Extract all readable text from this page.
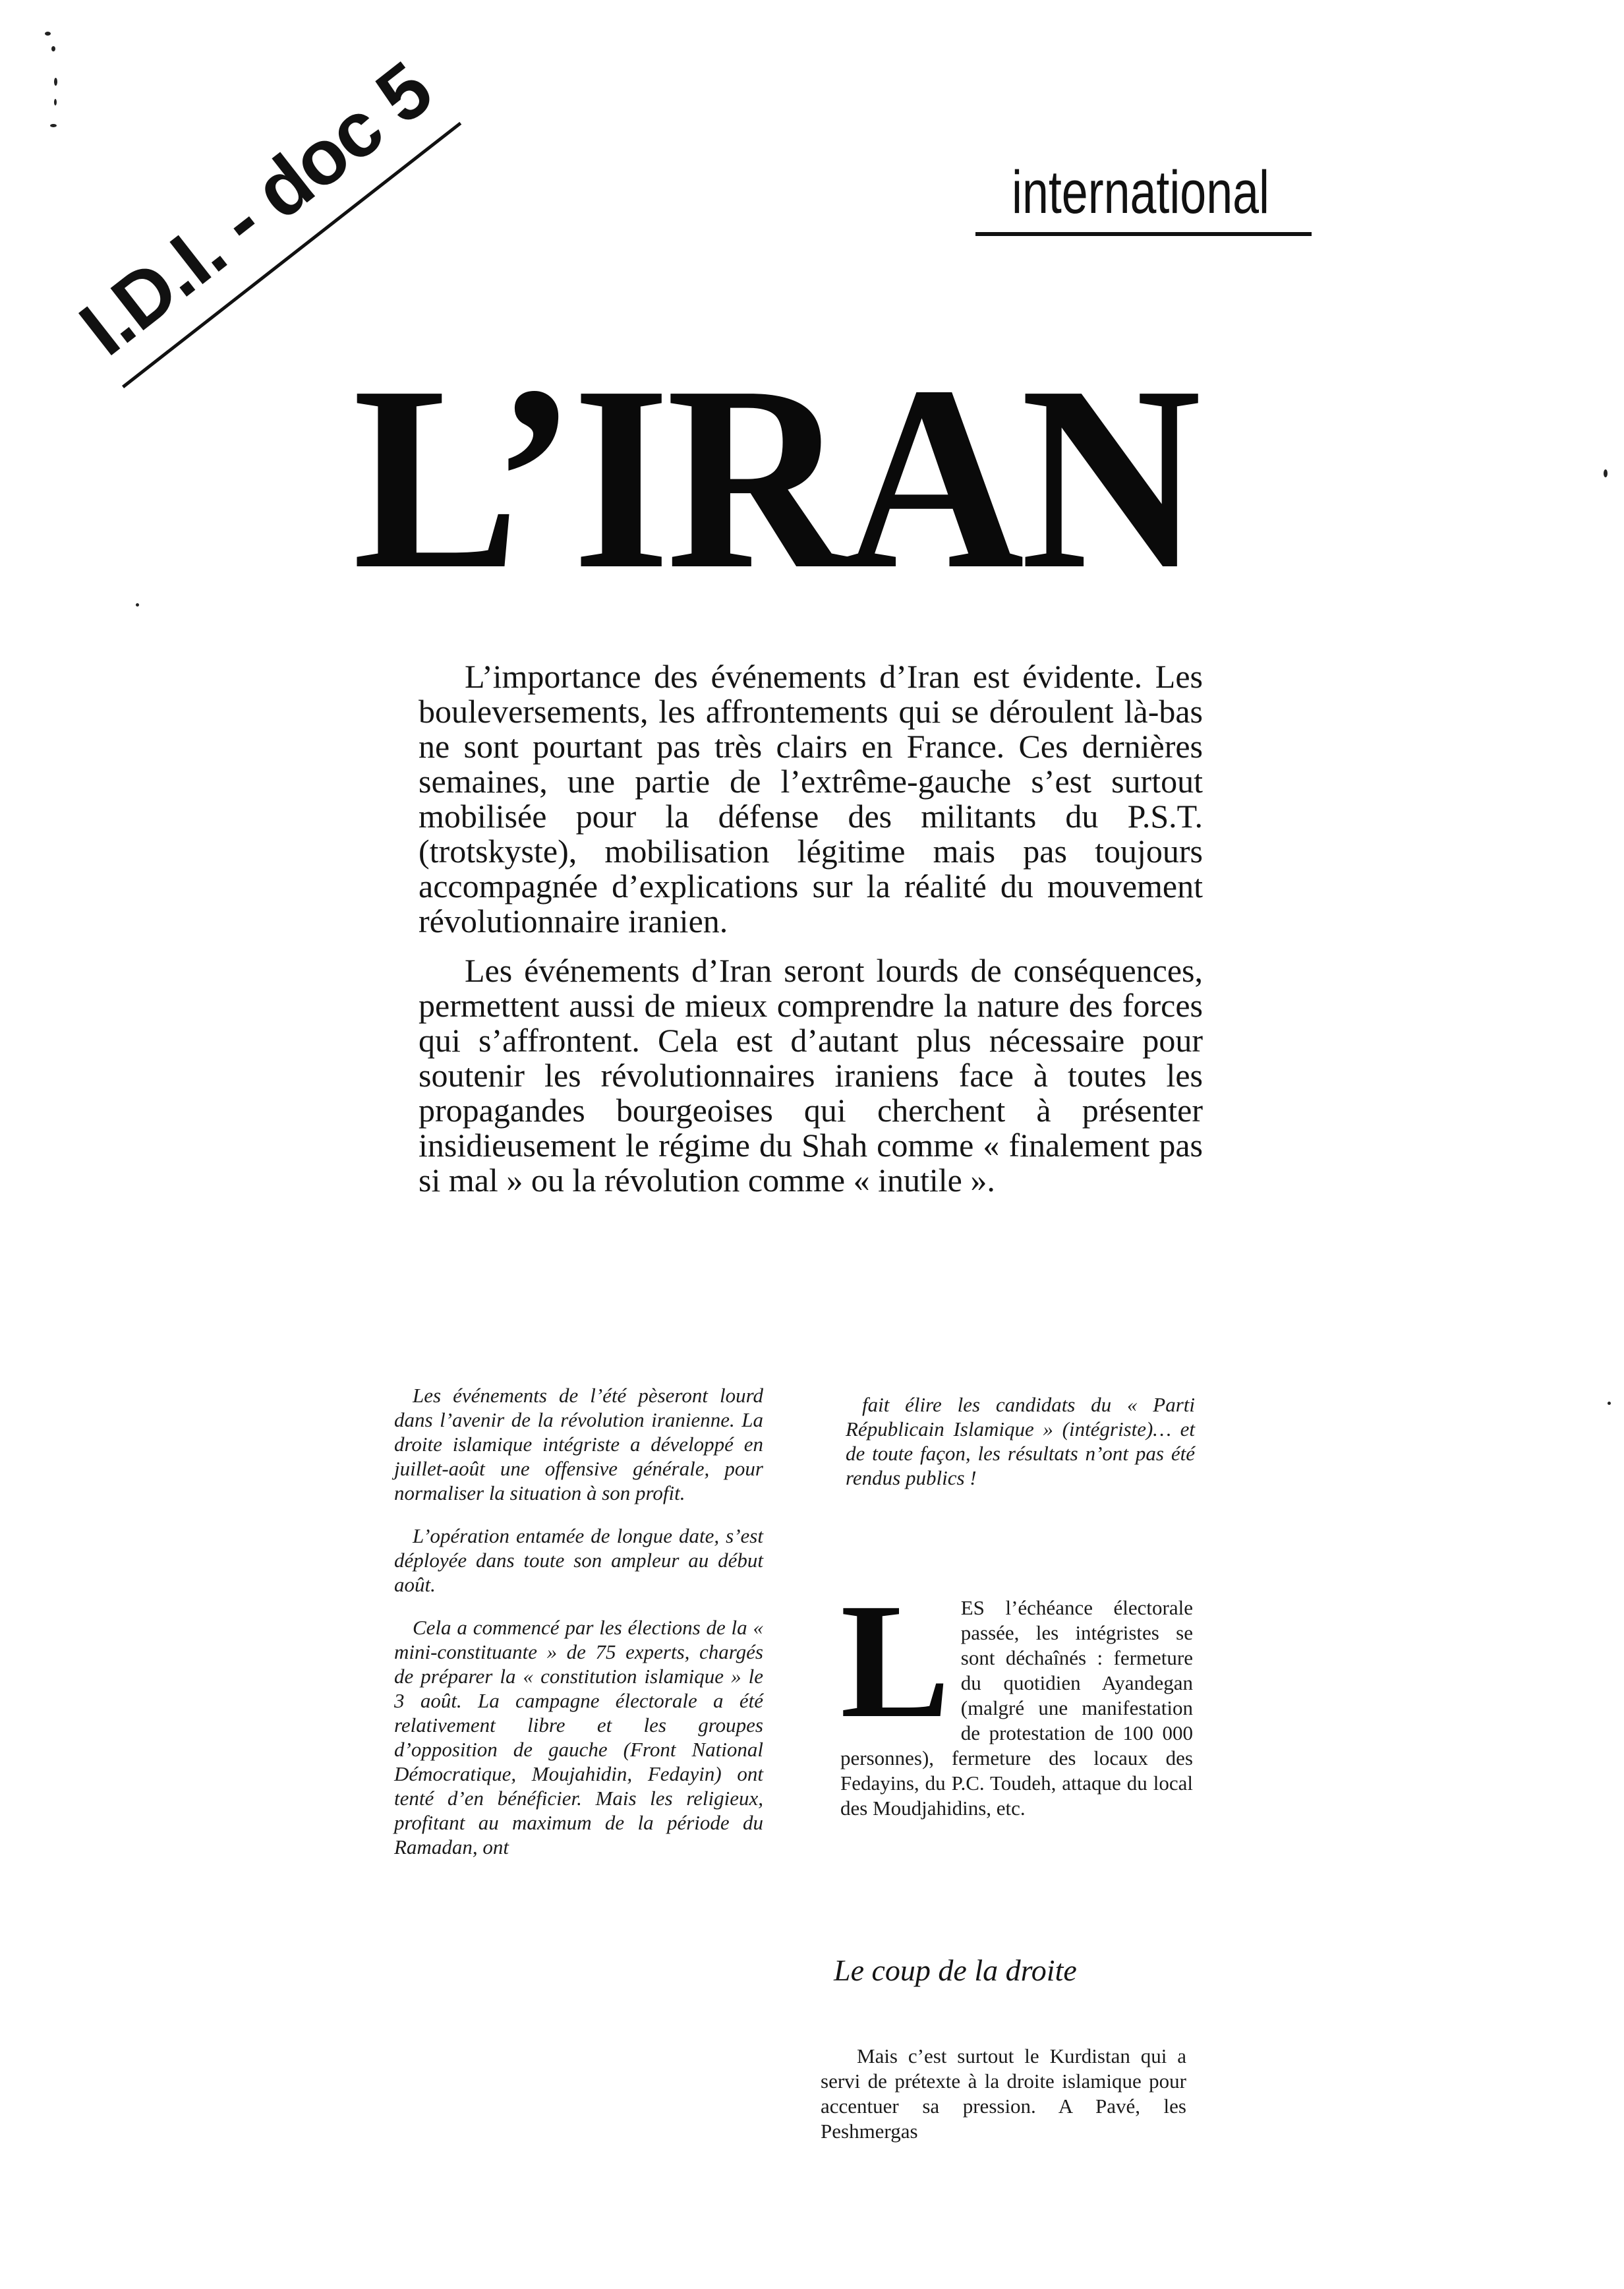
I.D.I. - doc 5	international
L’IRAN

L’importance des événements d’Iran est évidente. Les bouleversements, les affrontements qui se déroulent là-bas ne sont pourtant pas très clairs en France. Ces dernières semaines, une partie de l’extrême-gauche s’est surtout mobilisée pour la défense des militants du P.S.T. (trotskyste), mobilisation légitime mais pas toujours accompagnée d’explications sur la réalité du mouvement révolutionnaire iranien.

Les événements d’Iran seront lourds de conséquences, permettent aussi de mieux comprendre la nature des forces qui s’affrontent. Cela est d’autant plus nécessaire pour soutenir les révolutionnaires iraniens face à toutes les propagandes bourgeoises qui cherchent à présenter insidieusement le régime du Shah comme « finalement pas si mal » ou la révolution comme « inutile ».

Les événements de l’été pèseront lourd dans l’avenir de la révolution iranienne. La droite islamique intégriste a développé en juillet-août une offensive générale, pour normaliser la situation à son profit.

L’opération entamée de longue date, s’est déployée dans toute son ampleur au début août.

Cela a commencé par les élections de la « mini-constituante » de 75 experts, chargés de préparer la « constitution islamique » le 3 août. La campagne électorale a été relativement libre et les groupes d’opposition de gauche (Front National Démocratique, Moujahidin, Fedayin) ont tenté d’en bénéficier. Mais les religieux, profitant au maximum de la période du Ramadan, ont

fait élire les candidats du « Parti Républicain Islamique » (intégriste)… et de toute façon, les résultats n’ont pas été rendus publics !

L ES l’échéance électorale passée, les intégristes se sont déchaînés : fermeture du quotidien Ayandegan (malgré une manifestation de protestation de 100 000 personnes), fermeture des locaux des Fedayins, du P.C. Toudeh, attaque du local des Moudjahidins, etc.

Le coup de la droite

Mais c’est surtout le Kurdistan qui a servi de prétexte à la droite islamique pour accentuer sa pression. A Pavé, les Peshmergas
